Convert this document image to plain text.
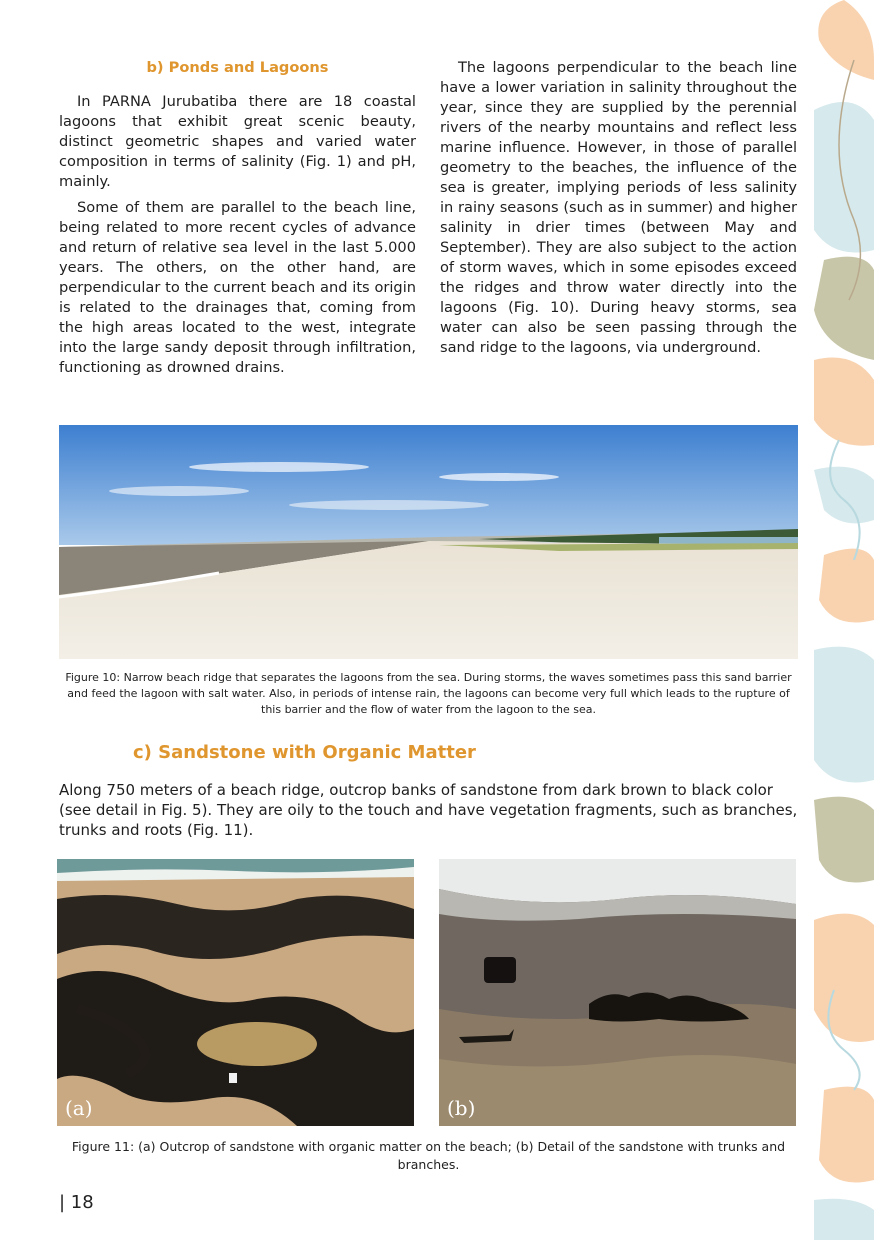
b) Ponds and Lagoons

In PARNA Jurubatiba there are 18 coastal lagoons that exhibit great scenic beauty, distinct geometric shapes and varied water composition in terms of salinity (Fig. 1) and pH, mainly.

Some of them are parallel to the beach line, being related to more recent cycles of advance and return of relative sea level in the last 5.000 years. The others, on the other hand, are perpendicular to the current beach and its origin is related to the drainages that, coming from the high areas located to the west, integrate into the large sandy deposit through infiltration, functioning as drowned drains.

The lagoons perpendicular to the beach line have a lower variation in salinity throughout the year, since they are supplied by the perennial rivers of the nearby mountains and reflect less marine influence. However, in those of parallel geometry to the beaches, the influence of the sea is greater, implying periods of less salinity in rainy seasons (such as in summer) and higher salinity in drier times (between May and September). They are also subject to the action of storm waves, which in some episodes exceed the ridges and throw water directly into the lagoons (Fig. 10). During heavy storms, sea water can also be seen passing through the sand ridge to the lagoons, via underground.

Figure 10: Narrow beach ridge that separates the lagoons from the sea. During storms, the waves sometimes pass this sand barrier and feed the lagoon with salt water. Also, in periods of intense rain, the lagoons can become very full which leads to the rupture of this barrier and the flow of water from the lagoon to the sea.
c) Sandstone with Organic Matter
Along 750 meters of a beach ridge, outcrop banks of sandstone from dark brown to black color (see detail in Fig. 5). They are oily to the touch and have vegetation fragments, such as branches, trunks and roots (Fig. 11).
(a)	(b)
Figure 11: (a) Outcrop of sandstone with organic matter on the beach; (b) Detail of the sandstone with trunks and branches.
| 18
